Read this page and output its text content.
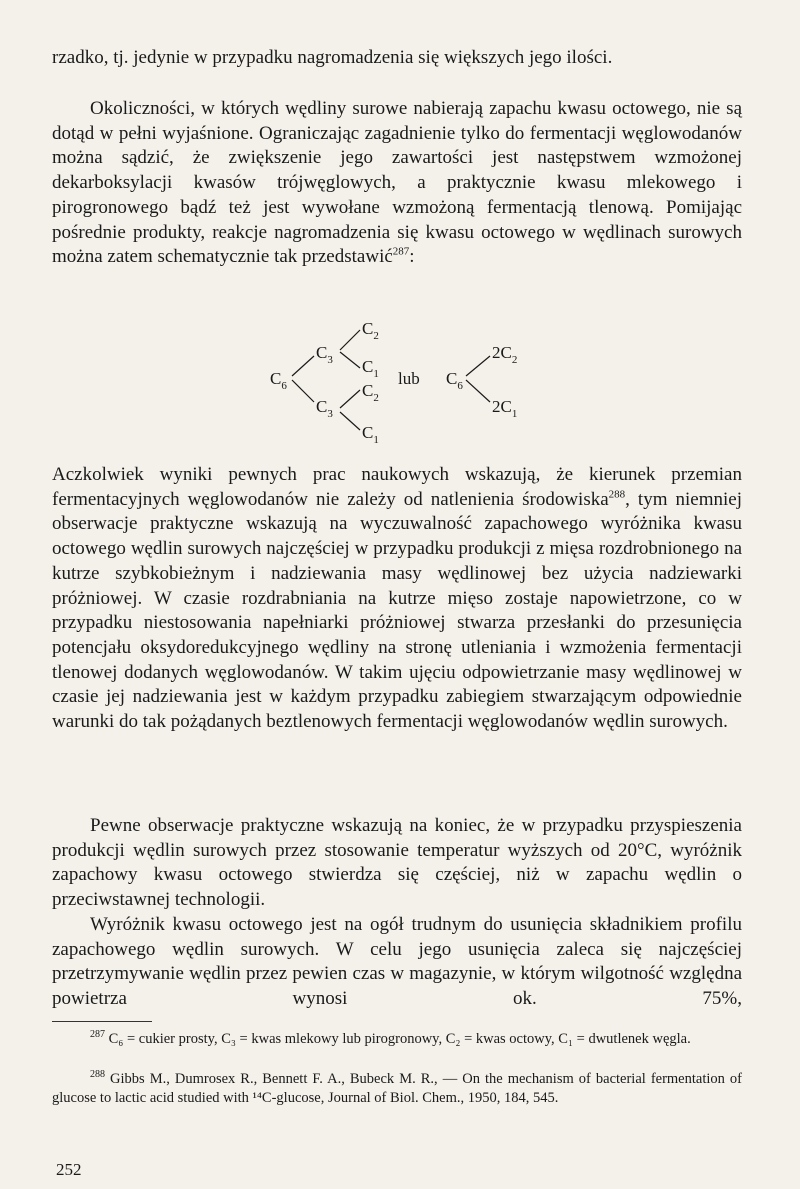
rzadko, tj. jedynie w przypadku nagromadzenia się większych jego ilości.
Okoliczności, w których wędliny surowe nabierają zapachu kwasu octowego, nie są dotąd w pełni wyjaśnione. Ograniczając zagadnienie tylko do fermentacji węglowodanów można sądzić, że zwiększenie jego zawartości jest następstwem wzmożonej dekarboksylacji kwasów trójwęglowych, a praktycznie kwasu mlekowego i pirogronowego bądź też jest wywołane wzmożoną fermentacją tlenową. Pomijając pośrednie produkty, reakcje nagromadzenia się kwasu octowego w wędlinach surowych można zatem schematycznie tak przedstawić$^{287}$:
$C_6$
$C_3$
$C_3$
$C_2$
$C_1$
$C_2$
$C_1$
lub $C_6$
$2C_2$
$2C_1$
Aczkolwiek wyniki pewnych prac naukowych wskazują, że kierunek przemian fermentacyjnych węglowodanów nie zależy od natlenienia środowiska$^{288}$, tym niemniej obserwacje praktyczne wskazują na wyczuwalność zapachowego wyróżnika kwasu octowego wędlin surowych najczęściej w przypadku produkcji z mięsa rozdrobnionego na kutrze szybkobieżnym i nadziewania masy wędlinowej bez użycia nadziewarki próżniowej. W czasie rozdrabniania na kutrze mięso zostaje napowietrzone, co w przypadku niestosowania napełniarki próżniowej stwarza przesłanki do przesunięcia potencjału oksydoredukcyjnego wędliny na stronę utleniania i wzmożenia fermentacji tlenowej dodanych węglowodanów. W takim ujęciu odpowietrzanie masy wędlinowej w czasie jej nadziewania jest w każdym przypadku zabiegiem stwarzającym odpowiednie warunki do tak pożądanych beztlenowych fermentacji węglowodanów wędlin surowych.
Pewne obserwacje praktyczne wskazują na koniec, że w przypadku przyspieszenia produkcji wędlin surowych przez stosowanie temperatur wyższych od 20°C, wyróżnik zapachowy kwasu octowego stwierdza się częściej, niż w zapachu wędlin o przeciwstawnej technologii.
Wyróżnik kwasu octowego jest na ogół trudnym do usunięcia składnikiem profilu zapachowego wędlin surowych. W celu jego usunięcia zaleca się najczęściej przetrzymywanie wędlin przez pewien czas w magazynie, w którym wilgotność względna powietrza wynosi ok. 75%,
$^{287}$ C₆ = cukier prosty, C₃ = kwas mlekowy lub pirogronowy, C₂ = kwas octowy, C₁ = dwutlenek węgla.
$^{288}$ Gibbs M., Dumrosex R., Bennett F. A., Bubeck M. R., — On the mechanism of bacterial fermentation of glucose to lactic acid studied with ¹⁴C-glucose, Journal of Biol. Chem., 1950, 184, 545.
252
